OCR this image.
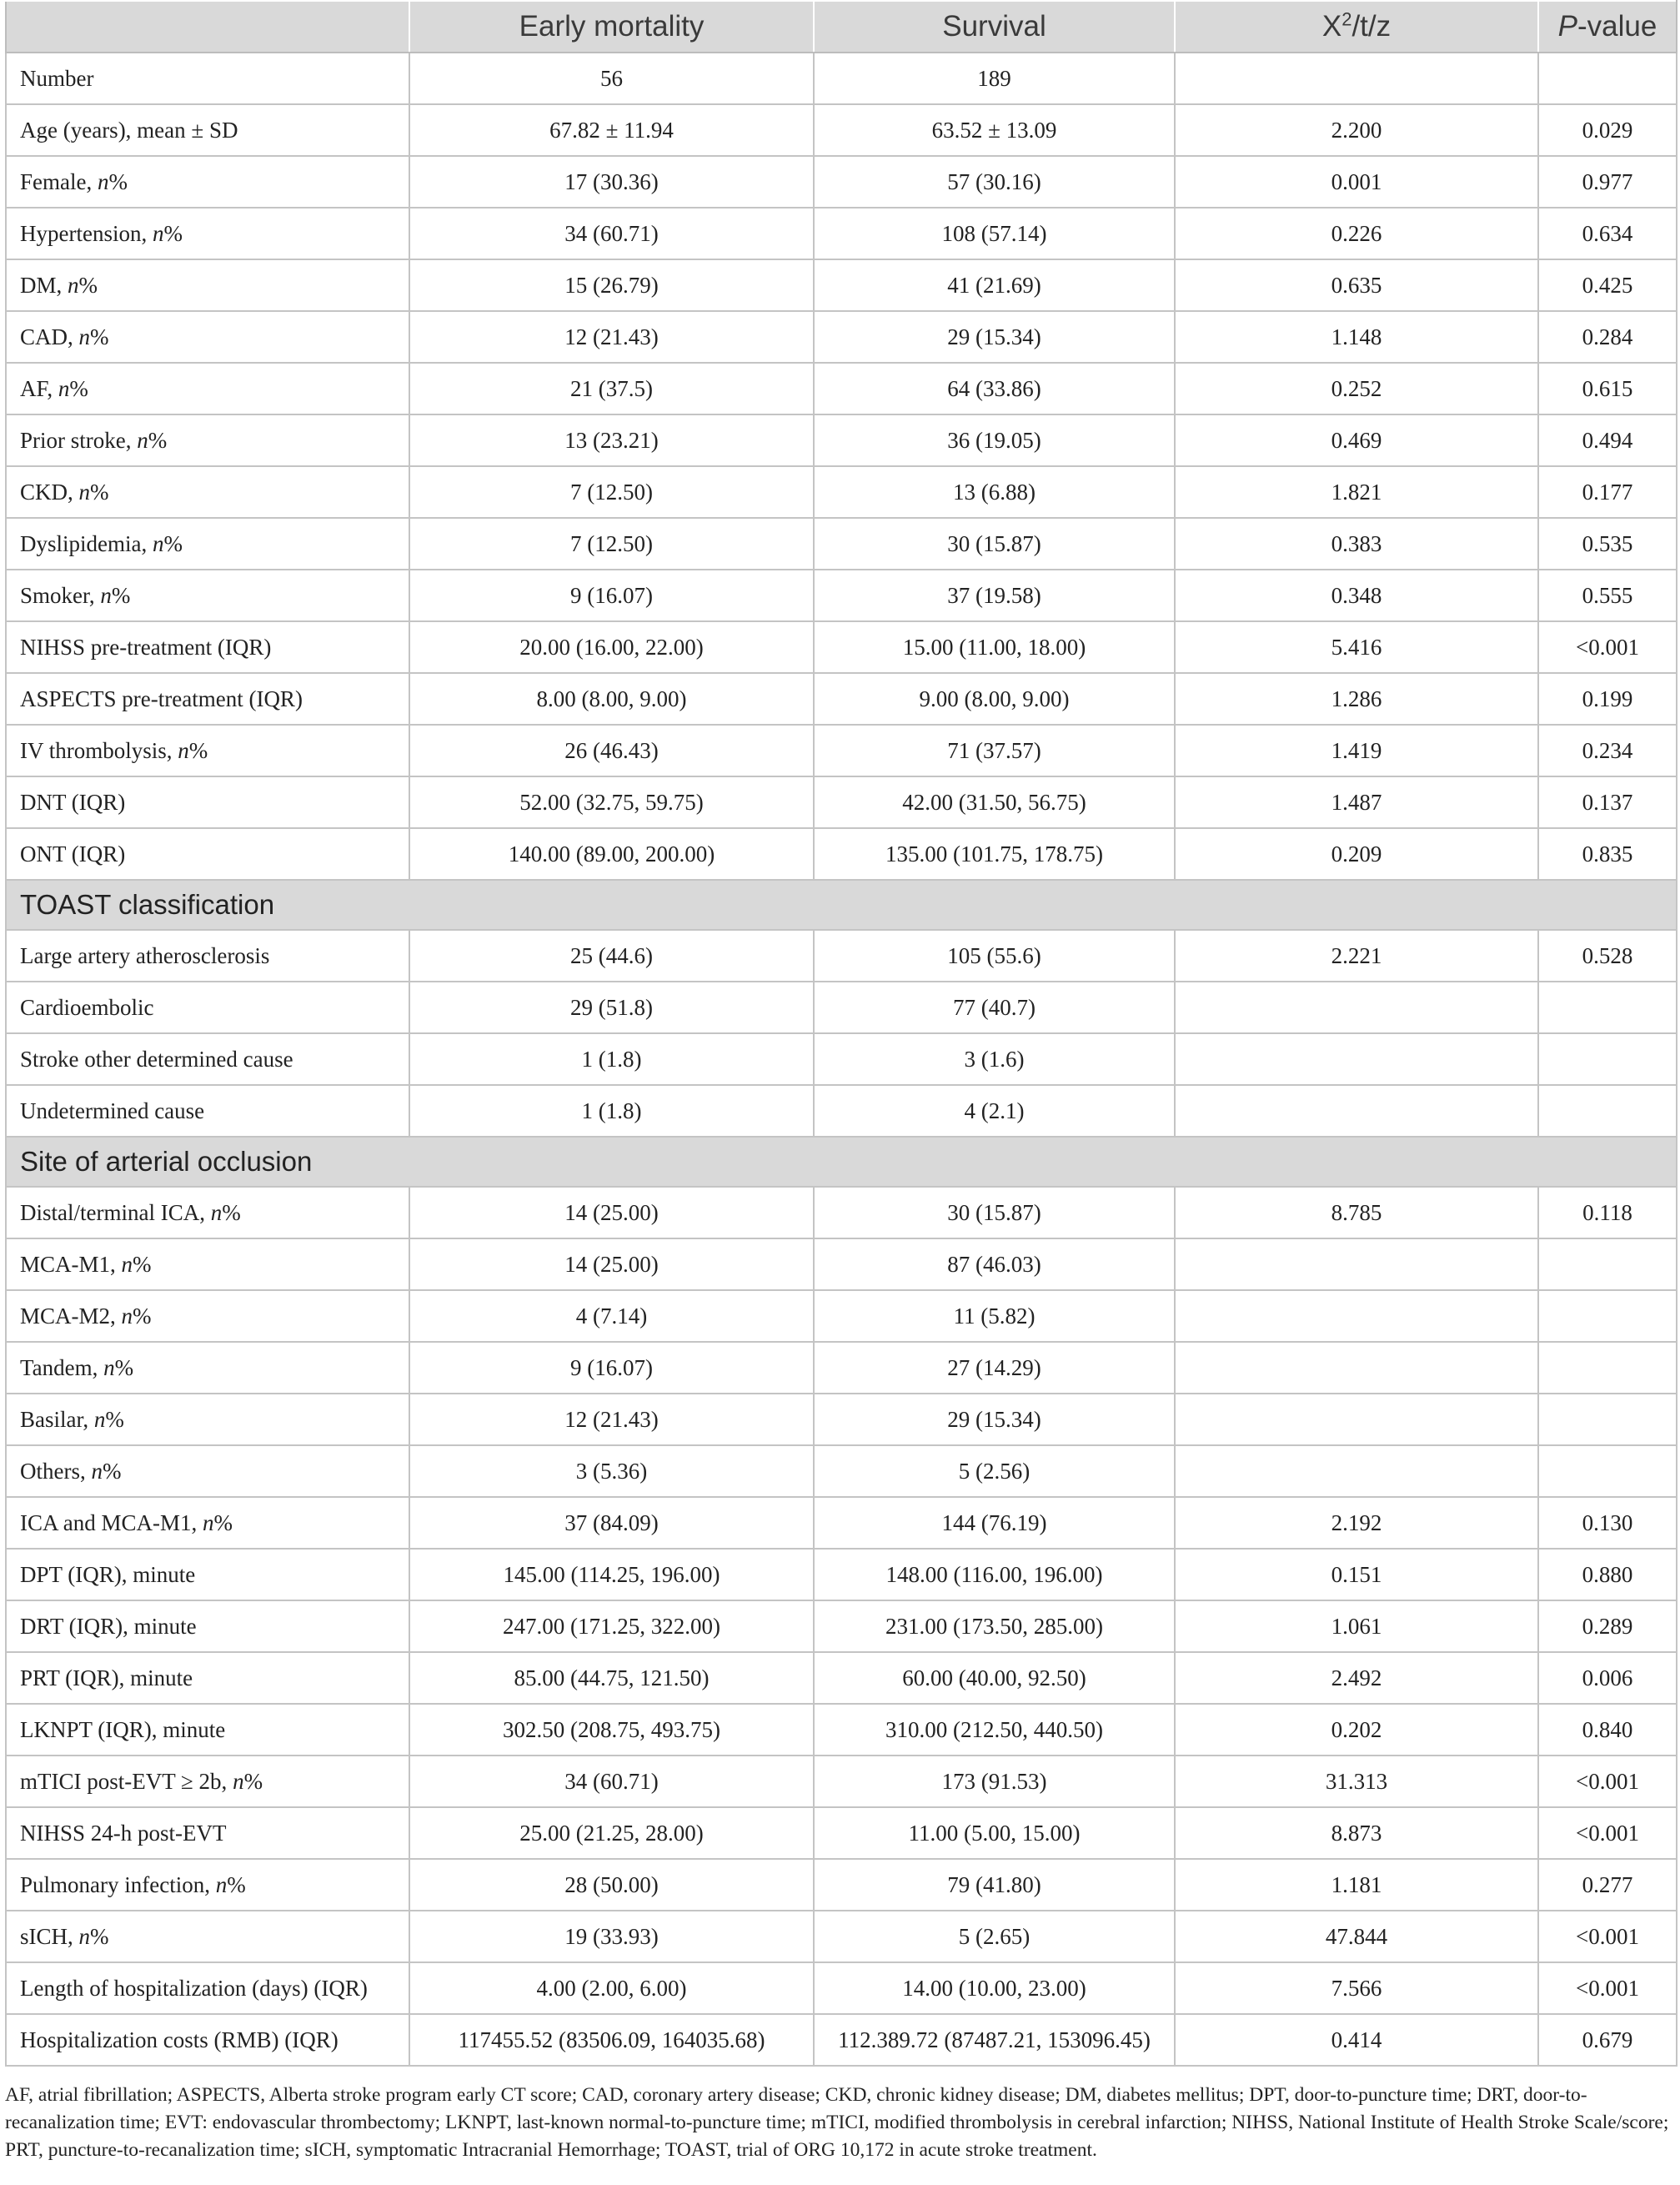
	Early mortality	Survival	$X^2/t/z$	P-value
Number	56	189		
Age (years), mean ± SD	67.82 ± 11.94	63.52 ± 13.09	2.200	0.029
Female, n%	17 (30.36)	57 (30.16)	0.001	0.977
Hypertension, n%	34 (60.71)	108 (57.14)	0.226	0.634
DM, n%	15 (26.79)	41 (21.69)	0.635	0.425
CAD, n%	12 (21.43)	29 (15.34)	1.148	0.284
AF, n%	21 (37.5)	64 (33.86)	0.252	0.615
Prior stroke, n%	13 (23.21)	36 (19.05)	0.469	0.494
CKD, n%	7 (12.50)	13 (6.88)	1.821	0.177
Dyslipidemia, n%	7 (12.50)	30 (15.87)	0.383	0.535
Smoker, n%	9 (16.07)	37 (19.58)	0.348	0.555
NIHSS pre-treatment (IQR)	20.00 (16.00, 22.00)	15.00 (11.00, 18.00)	5.416	<0.001
ASPECTS pre-treatment (IQR)	8.00 (8.00, 9.00)	9.00 (8.00, 9.00)	1.286	0.199
IV thrombolysis, n%	26 (46.43)	71 (37.57)	1.419	0.234
DNT (IQR)	52.00 (32.75, 59.75)	42.00 (31.50, 56.75)	1.487	0.137
ONT (IQR)	140.00 (89.00, 200.00)	135.00 (101.75, 178.75)	0.209	0.835
TOAST classification				
Large artery atherosclerosis	25 (44.6)	105 (55.6)	2.221	0.528
Cardioembolic	29 (51.8)	77 (40.7)		
Stroke other determined cause	1 (1.8)	3 (1.6)		
Undetermined cause	1 (1.8)	4 (2.1)		
Site of arterial occlusion				
Distal/terminal ICA, n%	14 (25.00)	30 (15.87)	8.785	0.118
MCA-M1, n%	14 (25.00)	87 (46.03)		
MCA-M2, n%	4 (7.14)	11 (5.82)		
Tandem, n%	9 (16.07)	27 (14.29)		
Basilar, n%	12 (21.43)	29 (15.34)		
Others, n%	3 (5.36)	5 (2.56)		
ICA and MCA-M1, n%	37 (84.09)	144 (76.19)	2.192	0.130
DPT (IQR), minute	145.00 (114.25, 196.00)	148.00 (116.00, 196.00)	0.151	0.880
DRT (IQR), minute	247.00 (171.25, 322.00)	231.00 (173.50, 285.00)	1.061	0.289
PRT (IQR), minute	85.00 (44.75, 121.50)	60.00 (40.00, 92.50)	2.492	0.006
LKNPT (IQR), minute	302.50 (208.75, 493.75)	310.00 (212.50, 440.50)	0.202	0.840
mTICI post-EVT ≥ 2b, n%	34 (60.71)	173 (91.53)	31.313	<0.001
NIHSS 24-h post-EVT	25.00 (21.25, 28.00)	11.00 (5.00, 15.00)	8.873	<0.001
Pulmonary infection, n%	28 (50.00)	79 (41.80)	1.181	0.277
sICH, n%	19 (33.93)	5 (2.65)	47.844	<0.001
Length of hospitalization (days) (IQR)	4.00 (2.00, 6.00)	14.00 (10.00, 23.00)	7.566	<0.001
Hospitalization costs (RMB) (IQR)	117455.52 (83506.09, 164035.68)	112.389.72 (87487.21, 153096.45)	0.414	0.679
AF, atrial fibrillation; ASPECTS, Alberta stroke program early CT score; CAD, coronary artery disease; CKD, chronic kidney disease; DM, diabetes mellitus; DPT, door-to-puncture time; DRT, door-to-recanalization time; EVT: endovascular thrombectomy; LKNPT, last-known normal-to-puncture time; mTICI, modified thrombolysis in cerebral infarction; NIHSS, National Institute of Health Stroke Scale/score; PRT, puncture-to-recanalization time; sICH, symptomatic Intracranial Hemorrhage; TOAST, trial of ORG 10,172 in acute stroke treatment.
